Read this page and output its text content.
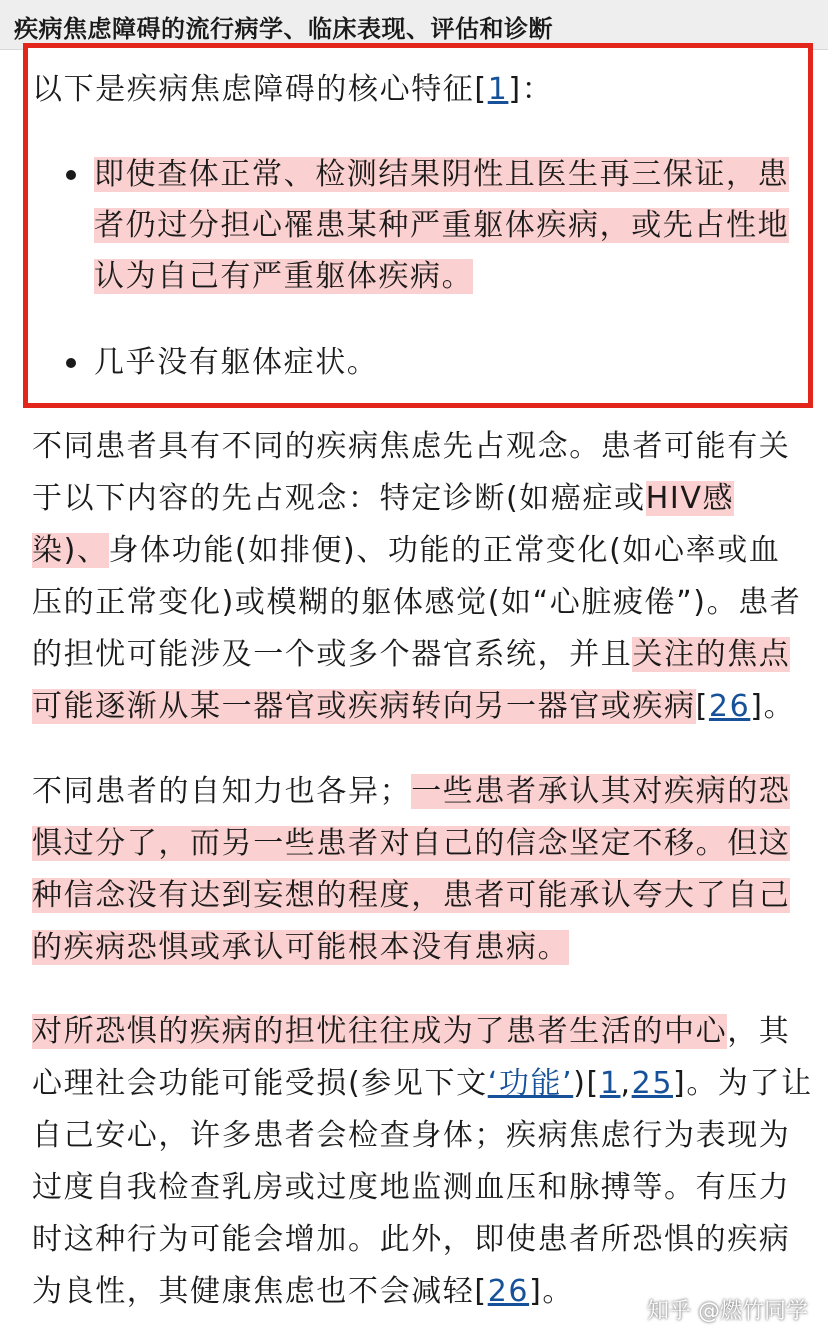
疾病焦虑障碍的流行病学、临床表现、评估和诊断
以下是疾病焦虑障碍的核心特征[1]：
即使查体正常、检测结果阴性且医生再三保证，患
者仍过分担心罹患某种严重躯体疾病，或先占性地
认为自己有严重躯体疾病。
几乎没有躯体症状。
不同患者具有不同的疾病焦虑先占观念。患者可能有关
于以下内容的先占观念：特定诊断(如癌症或HIV感
染)、身体功能(如排便)、功能的正常变化(如心率或血
压的正常变化)或模糊的躯体感觉(如“心脏疲倦”)。患者
的担忧可能涉及一个或多个器官系统，并且关注的焦点
可能逐渐从某一器官或疾病转向另一器官或疾病[26]。
不同患者的自知力也各异；一些患者承认其对疾病的恐
惧过分了，而另一些患者对自己的信念坚定不移。但这
种信念没有达到妄想的程度，患者可能承认夸大了自己
的疾病恐惧或承认可能根本没有患病。
对所恐惧的疾病的担忧往往成为了患者生活的中心，其
心理社会功能可能受损(参见下文‘功能’)[1,25]。为了让
自己安心，许多患者会检查身体；疾病焦虑行为表现为
过度自我检查乳房或过度地监测血压和脉搏等。有压力
时这种行为可能会增加。此外，即使患者所恐惧的疾病
为良性，其健康焦虑也不会减轻[26]。
知乎 @燃竹同学
